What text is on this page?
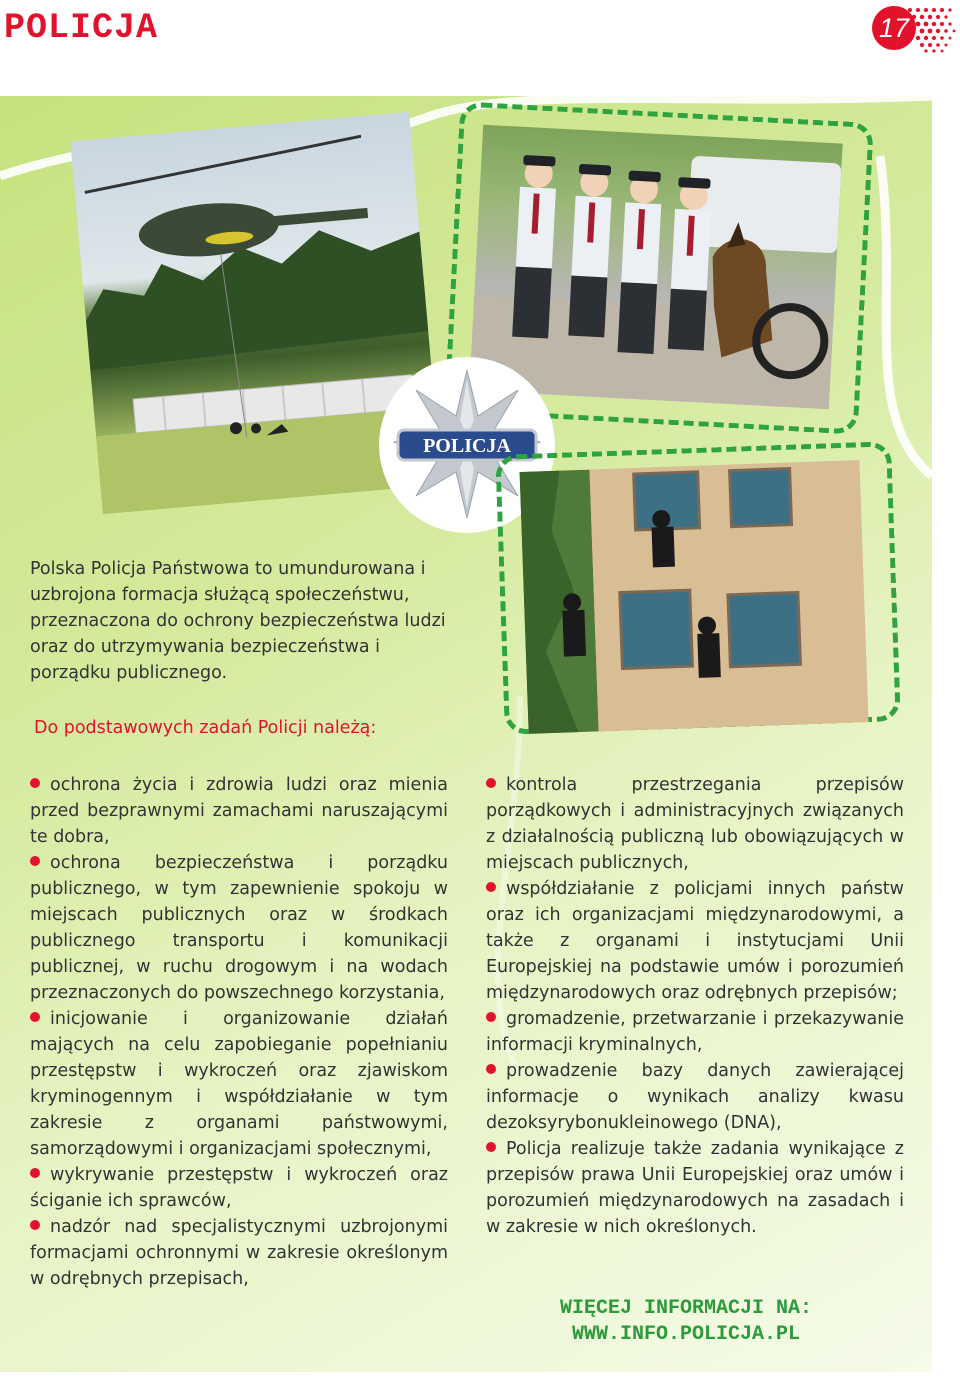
POLICJA	17
POLICJA
Polska Policja Państwowa to umundurowana i uzbrojona formacja służącą społeczeństwu, przeznaczona do ochrony bezpieczeństwa ludzi oraz do utrzymywania bezpieczeństwa i porządku publicznego.
Do podstawowych zadań Policji należą:

ochrona życia i zdrowia ludzi oraz mienia przed bezprawnymi zamachami naruszającymi te dobra,

ochrona bezpieczeństwa i porządku publicznego, w tym zapewnienie spokoju w miejscach publicznych oraz w środkach publicznego transportu i komunikacji publicznej, w ruchu drogowym i na wodach przeznaczonych do powszechnego korzystania,

inicjowanie i organizowanie działań mających na celu zapobieganie popełnianiu przestępstw i wykroczeń oraz zjawiskom kryminogennym i współdziałanie w tym zakresie z organami państwowymi, samorządowymi i organizacjami społecznymi,

wykrywanie przestępstw i wykroczeń oraz ściganie ich sprawców,

nadzór nad specjalistycznymi uzbrojonymi formacjami ochronnymi w zakresie określonym w odrębnych przepisach,

kontrola przestrzegania przepisów porządkowych i administracyjnych związanych z działalnością publiczną lub obowiązujących w miejscach publicznych,

współdziałanie z policjami innych państw oraz ich organizacjami międzynarodowymi, a także z organami i instytucjami Unii Europejskiej na podstawie umów i porozumień międzynarodowych oraz odrębnych przepisów;

gromadzenie, przetwarzanie i przekazywanie informacji kryminalnych,

prowadzenie bazy danych zawierającej informacje o wynikach analizy kwasu dezoksyrybonukleinowego (DNA),

Policja realizuje także zadania wynikające z przepisów prawa Unii Europejskiej oraz umów i porozumień międzynarodowych na zasadach i w zakresie w nich określonych.

WIĘCEJ INFORMACJI NA:
WWW.INFO.POLICJA.PL
